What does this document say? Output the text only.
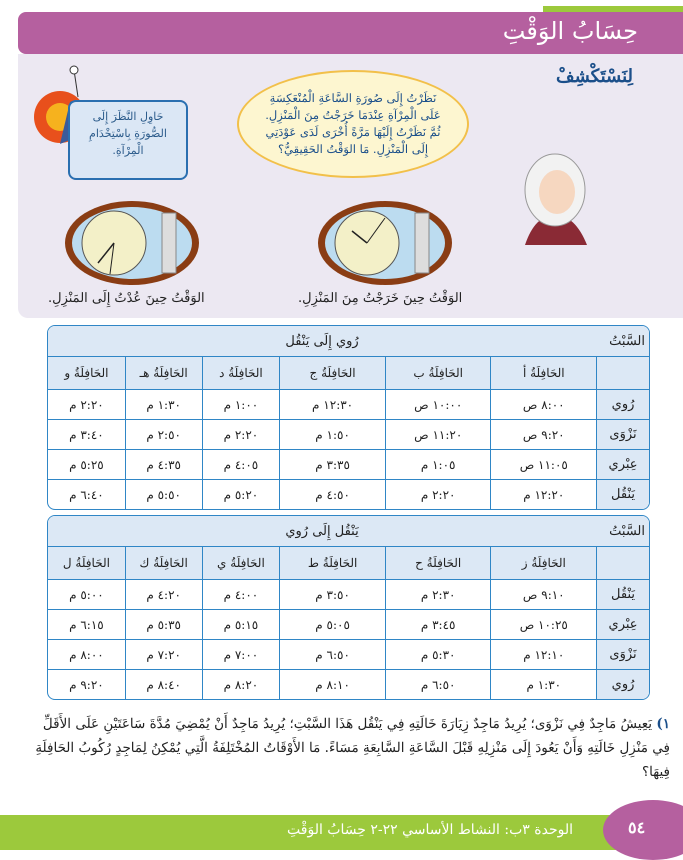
حِسَابُ الوَقْتِ
لِنَسْتَكْشِفْ
حَاوِلِ النَّظَرَ إِلَى الصُّورَةِ بِاسْتِخْدَامِ الْمِرْآةِ.
نَظَرْتُ إِلَى صُورَةِ السَّاعَةِ الْمُنْعَكِسَةِ عَلَى الْمِرْآةِ عِنْدَمَا خَرَجْتُ مِنَ الْمَنْزِلِ. ثُمَّ نَظَرْتُ إِلَيْهَا مَرَّةً أُخْرَى لَدَى عَوْدَتِي إِلَى الْمَنْزِلِ. مَا الوَقْتُ الحَقِيقِيُّ؟
الوَقْتُ حِينَ عُدْتُ إِلَى المَنْزِلِ.	الوَقْتُ حِينَ خَرَجْتُ مِنَ المَنْزِلِ.
السَّبْتُ	رُوي إِلَى يَنْقُل					
	الحَافِلَةُ أ	الحَافِلَةُ ب	الحَافِلَةُ ج	الحَافِلَةُ د	الحَافِلَةُ هـ	الحَافِلَةُ و
رُوي	٨:٠٠ ص	١٠:٠٠ ص	١٢:٣٠ م	١:٠٠ م	١:٣٠ م	٢:٢٠ م
نَزْوَى	٩:٢٠ ص	١١:٢٠ ص	١:٥٠ م	٢:٢٠ م	٢:٥٠ م	٣:٤٠ م
عِبْري	١١:٠٥ ص	١:٠٥ م	٣:٣٥ م	٤:٠٥ م	٤:٣٥ م	٥:٢٥ م
يَنْقُل	١٢:٢٠ م	٢:٢٠ م	٤:٥٠ م	٥:٢٠ م	٥:٥٠ م	٦:٤٠ م
السَّبْتُ	يَنْقُل إِلَى رُوي					
	الحَافِلَةُ ز	الحَافِلَةُ ح	الحَافِلَةُ ط	الحَافِلَةُ ي	الحَافِلَةُ ك	الحَافِلَةُ ل
يَنْقُل	٩:١٠ ص	٢:٣٠ م	٣:٥٠ م	٤:٠٠ م	٤:٢٠ م	٥:٠٠ م
عِبْري	١٠:٢٥ ص	٣:٤٥ م	٥:٠٥ م	٥:١٥ م	٥:٣٥ م	٦:١٥ م
نَزْوَى	١٢:١٠ م	٥:٣٠ م	٦:٥٠ م	٧:٠٠ م	٧:٢٠ م	٨:٠٠ م
رُوي	١:٣٠ م	٦:٥٠ م	٨:١٠ م	٨:٢٠ م	٨:٤٠ م	٩:٢٠ م
١) يَعِيشُ مَاجِدٌ فِي نَزْوَى؛ يُرِيدُ مَاجِدٌ زِيَارَةَ خَالَتِهِ فِي يَنْقُل هَذَا السَّبْتِ؛ يُرِيدُ مَاجِدٌ أَنْ يُمْضِيَ مُدَّةَ سَاعَتَيْنِ عَلَى الأَقَلِّ فِي مَنْزِلِ خَالَتِهِ وَأَنْ يَعُودَ إِلَى مَنْزِلِهِ قَبْلَ السَّاعَةِ السَّابِعَةِ مَسَاءً. مَا الأَوْقَاتُ المُخْتَلِفَةُ الَّتِي يُمْكِنُ لِمَاجِدٍ رُكُوبُ الحَافِلَةِ فِيهَا؟
الوحدة ٣ب: النشاط الأساسي ٢٢-٢ حِسَابُ الوَقْتِ	٥٤
